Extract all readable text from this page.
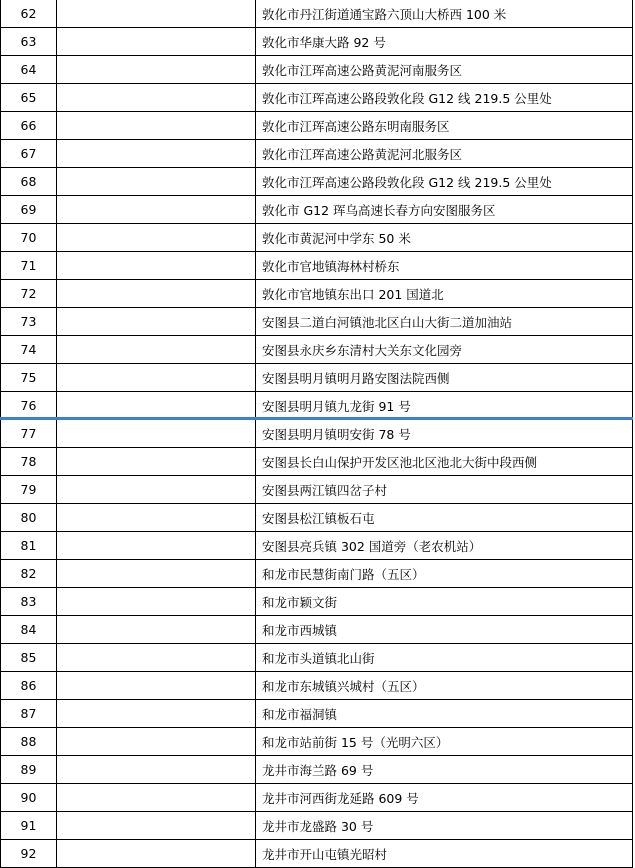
62	敦化市丹江街道通宝路六顶山大桥西 100 米
63	敦化市华康大路 92 号
64	敦化市江珲高速公路黄泥河南服务区
65	敦化市江珲高速公路段敦化段 G12 线 219.5 公里处
66	敦化市江珲高速公路东明南服务区
67	敦化市江珲高速公路黄泥河北服务区
68	敦化市江珲高速公路段敦化段 G12 线 219.5 公里处
69	敦化市 G12 珲乌高速长春方向安图服务区
70	敦化市黄泥河中学东 50 米
71	敦化市官地镇海林村桥东
72	敦化市官地镇东出口 201 国道北
73	安图县二道白河镇池北区白山大街二道加油站
74	安图县永庆乡东清村大关东文化园旁
75	安图县明月镇明月路安图法院西侧
76	安图县明月镇九龙街 91 号
77	安图县明月镇明安街 78 号
78	安图县长白山保护开发区池北区池北大街中段西侧
79	安图县两江镇四岔子村
80	安图县松江镇板石屯
81	安图县亮兵镇 302 国道旁（老农机站）
82	和龙市民慧街南门路（五区）
83	和龙市颖文街
84	和龙市西城镇
85	和龙市头道镇北山街
86	和龙市东城镇兴城村（五区）
87	和龙市福洞镇
88	和龙市站前街 15 号（光明六区）
89	龙井市海兰路 69 号
90	龙井市河西街龙延路 609 号
91	龙井市龙盛路 30 号
92	龙井市开山屯镇光昭村
